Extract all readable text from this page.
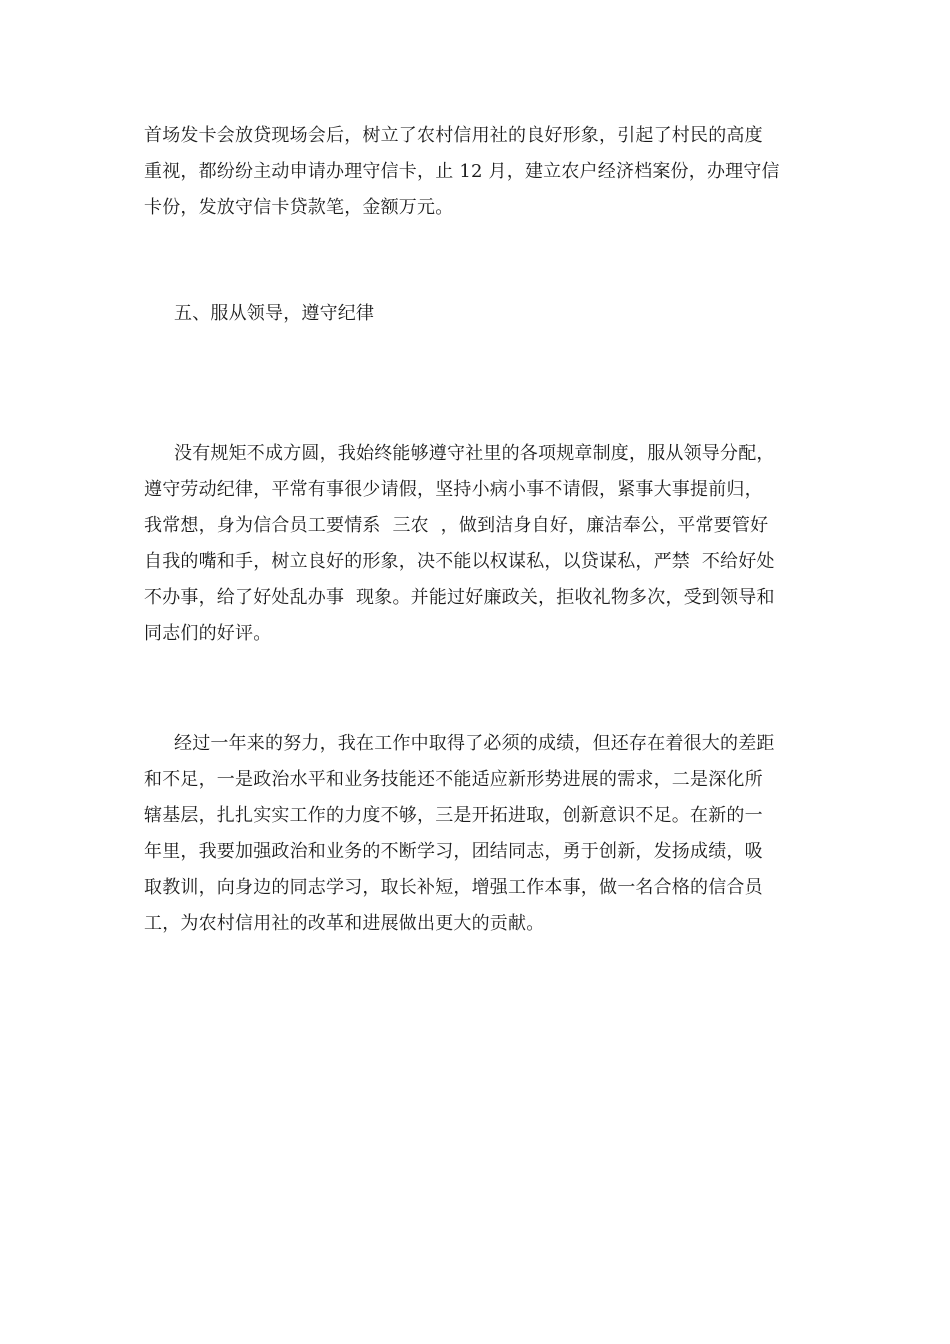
首场发卡会放贷现场会后，树立了农村信用社的良好形象，引起了村民的高度
重视，都纷纷主动申请办理守信卡，止 12 月，建立农户经济档案份，办理守信
卡份，发放守信卡贷款笔，金额万元。
五、服从领导，遵守纪律
没有规矩不成方圆，我始终能够遵守社里的各项规章制度，服从领导分配，
遵守劳动纪律，平常有事很少请假，坚持小病小事不请假，紧事大事提前归，
我常想，身为信合员工要情系  三农  ，做到洁身自好，廉洁奉公，平常要管好
自我的嘴和手，树立良好的形象，决不能以权谋私，以贷谋私，严禁  不给好处
不办事，给了好处乱办事  现象。并能过好廉政关，拒收礼物多次，受到领导和
同志们的好评。
经过一年来的努力，我在工作中取得了必须的成绩，但还存在着很大的差距
和不足，一是政治水平和业务技能还不能适应新形势进展的需求，二是深化所
辖基层，扎扎实实工作的力度不够，三是开拓进取，创新意识不足。在新的一
年里，我要加强政治和业务的不断学习，团结同志，勇于创新，发扬成绩，吸
取教训，向身边的同志学习，取长补短，增强工作本事，做一名合格的信合员
工，为农村信用社的改革和进展做出更大的贡献。
